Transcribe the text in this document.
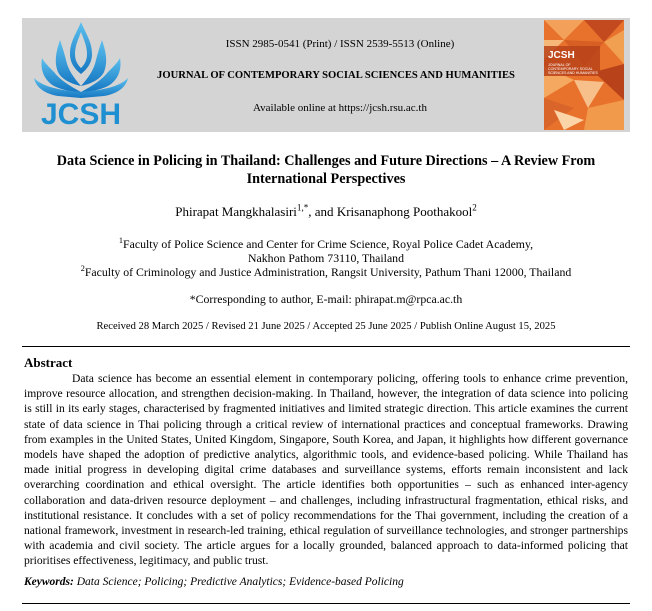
JCSH
ISSN 2985-0541 (Print) / ISSN 2539-5513 (Online)
JOURNAL OF CONTEMPORARY SOCIAL SCIENCES AND HUMANITIES
Available online at https://jcsh.rsu.ac.th
JCSH
JOURNAL OF CONTEMPORARY SOCIAL SCIENCES AND HUMANITIES
Data Science in Policing in Thailand: Challenges and Future Directions – A Review From International Perspectives
Phirapat Mangkhalasiri$^{1,*}$, and Krisanaphong Poothakool$^2$
$^1$Faculty of Police Science and Center for Crime Science, Royal Police Cadet Academy,
Nakhon Pathom 73110, Thailand
$^2$Faculty of Criminology and Justice Administration, Rangsit University, Pathum Thani 12000, Thailand
*Corresponding to author, E-mail: phirapat.m@rpca.ac.th
Received 28 March 2025 / Revised 21 June 2025 / Accepted 25 June 2025 / Publish Online August 15, 2025
Abstract

Data science has become an essential element in contemporary policing, offering tools to enhance crime prevention, improve resource allocation, and strengthen decision-making. In Thailand, however, the integration of data science into policing is still in its early stages, characterised by fragmented initiatives and limited strategic direction. This article examines the current state of data science in Thai policing through a critical review of international practices and conceptual frameworks. Drawing from examples in the United States, United Kingdom, Singapore, South Korea, and Japan, it highlights how different governance models have shaped the adoption of predictive analytics, algorithmic tools, and evidence-based policing. While Thailand has made initial progress in developing digital crime databases and surveillance systems, efforts remain inconsistent and lack overarching coordination and ethical oversight. The article identifies both opportunities – such as enhanced inter-agency collaboration and data-driven resource deployment – and challenges, including infrastructural fragmentation, ethical risks, and institutional resistance. It concludes with a set of policy recommendations for the Thai government, including the creation of a national framework, investment in research-led training, ethical regulation of surveillance technologies, and stronger partnerships with academia and civil society. The article argues for a locally grounded, balanced approach to data-informed policing that prioritises effectiveness, legitimacy, and public trust.

Keywords: Data Science; Policing; Predictive Analytics; Evidence-based Policing
